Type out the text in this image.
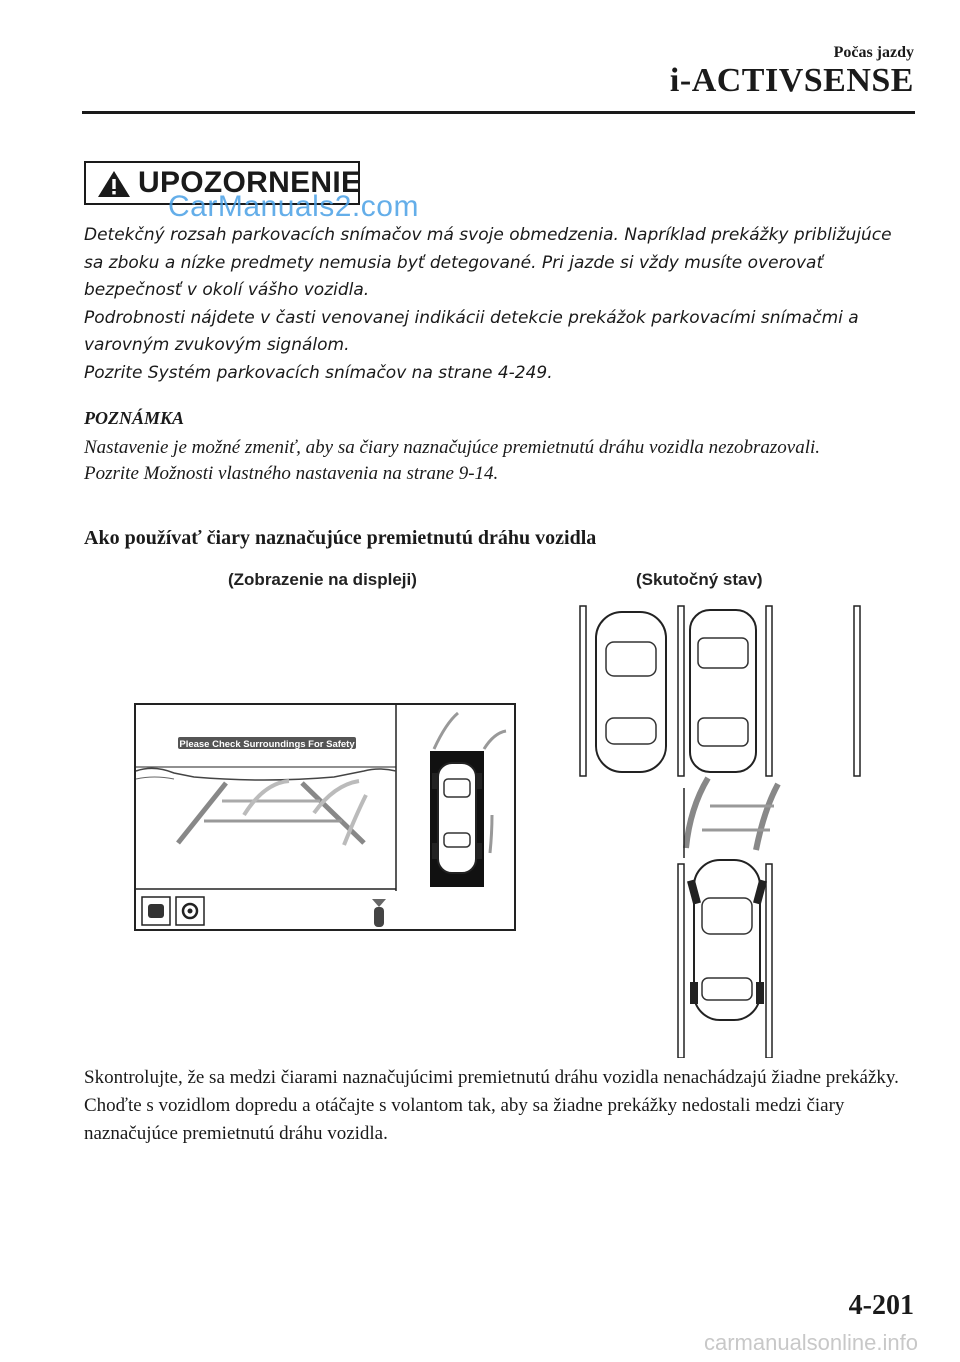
Počas jazdy
i-ACTIVSENSE
UPOZORNENIE
CarManuals2.com

Detekčný rozsah parkovacích snímačov má svoje obmedzenia. Napríklad prekážky približujúce sa zboku a nízke predmety nemusia byť detegované. Pri jazde si vždy musíte overovať bezpečnosť v okolí vášho vozidla.

Podrobnosti nájdete v časti venovanej indikácii detekcie prekážok parkovacími snímačmi a varovným zvukovým signálom.

Pozrite Systém parkovacích snímačov na strane 4-249.

POZNÁMKA

Nastavenie je možné zmeniť, aby sa čiary naznačujúce premietnutú dráhu vozidla nezobrazovali.

Pozrite Možnosti vlastného nastavenia na strane 9-14.

Ako používať čiary naznačujúce premietnutú dráhu vozidla
(Zobrazenie na displeji)	(Skutočný stav)
Please Check Surroundings For Safety

Skontrolujte, že sa medzi čiarami naznačujúcimi premietnutú dráhu vozidla nenachádzajú žiadne prekážky.

Choďte s vozidlom dopredu a otáčajte s volantom tak, aby sa žiadne prekážky nedostali medzi čiary naznačujúce premietnutú dráhu vozidla.

4-201
carmanualsonline.info
